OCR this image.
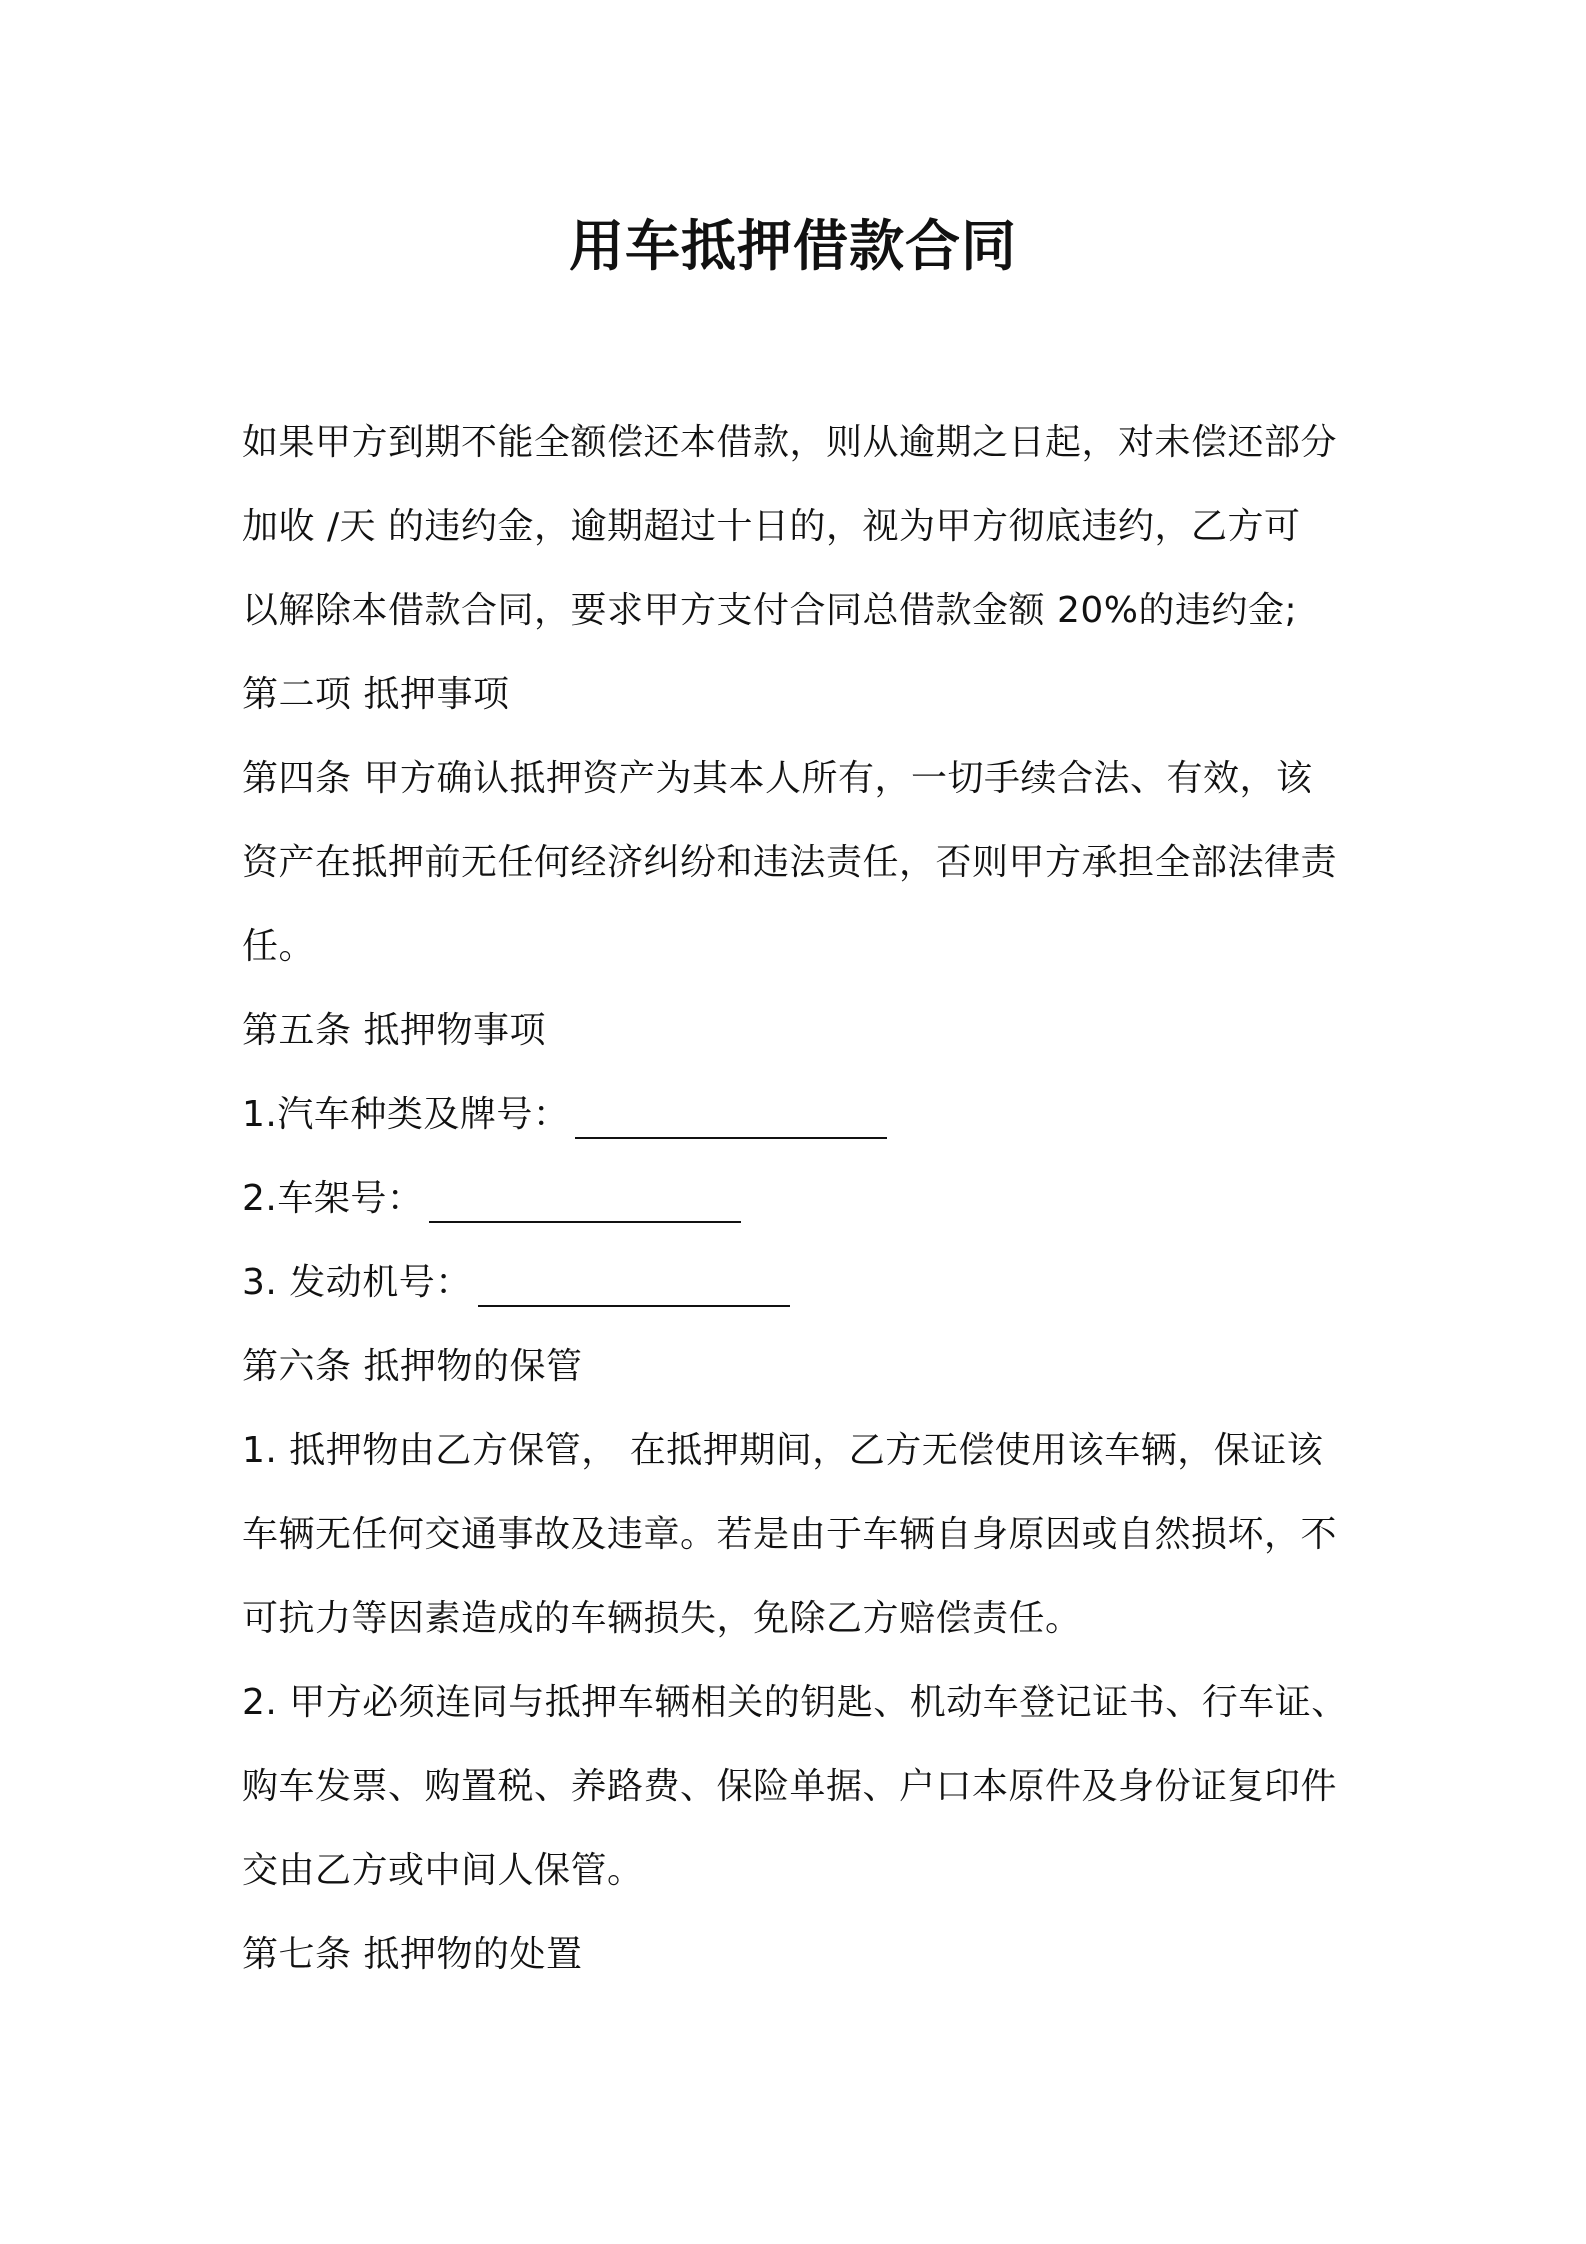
用车抵押借款合同
如果甲方到期不能全额偿还本借款，则从逾期之日起，对未偿还部分
加收 /天 的违约金，逾期超过十日的，视为甲方彻底违约，乙方可
以解除本借款合同，要求甲方支付合同总借款金额 20%的违约金;
第二项 抵押事项
第四条 甲方确认抵押资产为其本人所有，一切手续合法、有效，该
资产在抵押前无任何经济纠纷和违法责任，否则甲方承担全部法律责
任。
第五条 抵押物事项
1.汽车种类及牌号：
2.车架号：
3. 发动机号：
第六条 抵押物的保管
1. 抵押物由乙方保管， 在抵押期间，乙方无偿使用该车辆，保证该
车辆无任何交通事故及违章。若是由于车辆自身原因或自然损坏，不
可抗力等因素造成的车辆损失，免除乙方赔偿责任。
2. 甲方必须连同与抵押车辆相关的钥匙、机动车登记证书、行车证、
购车发票、购置税、养路费、保险单据、户口本原件及身份证复印件
交由乙方或中间人保管。
第七条 抵押物的处置
